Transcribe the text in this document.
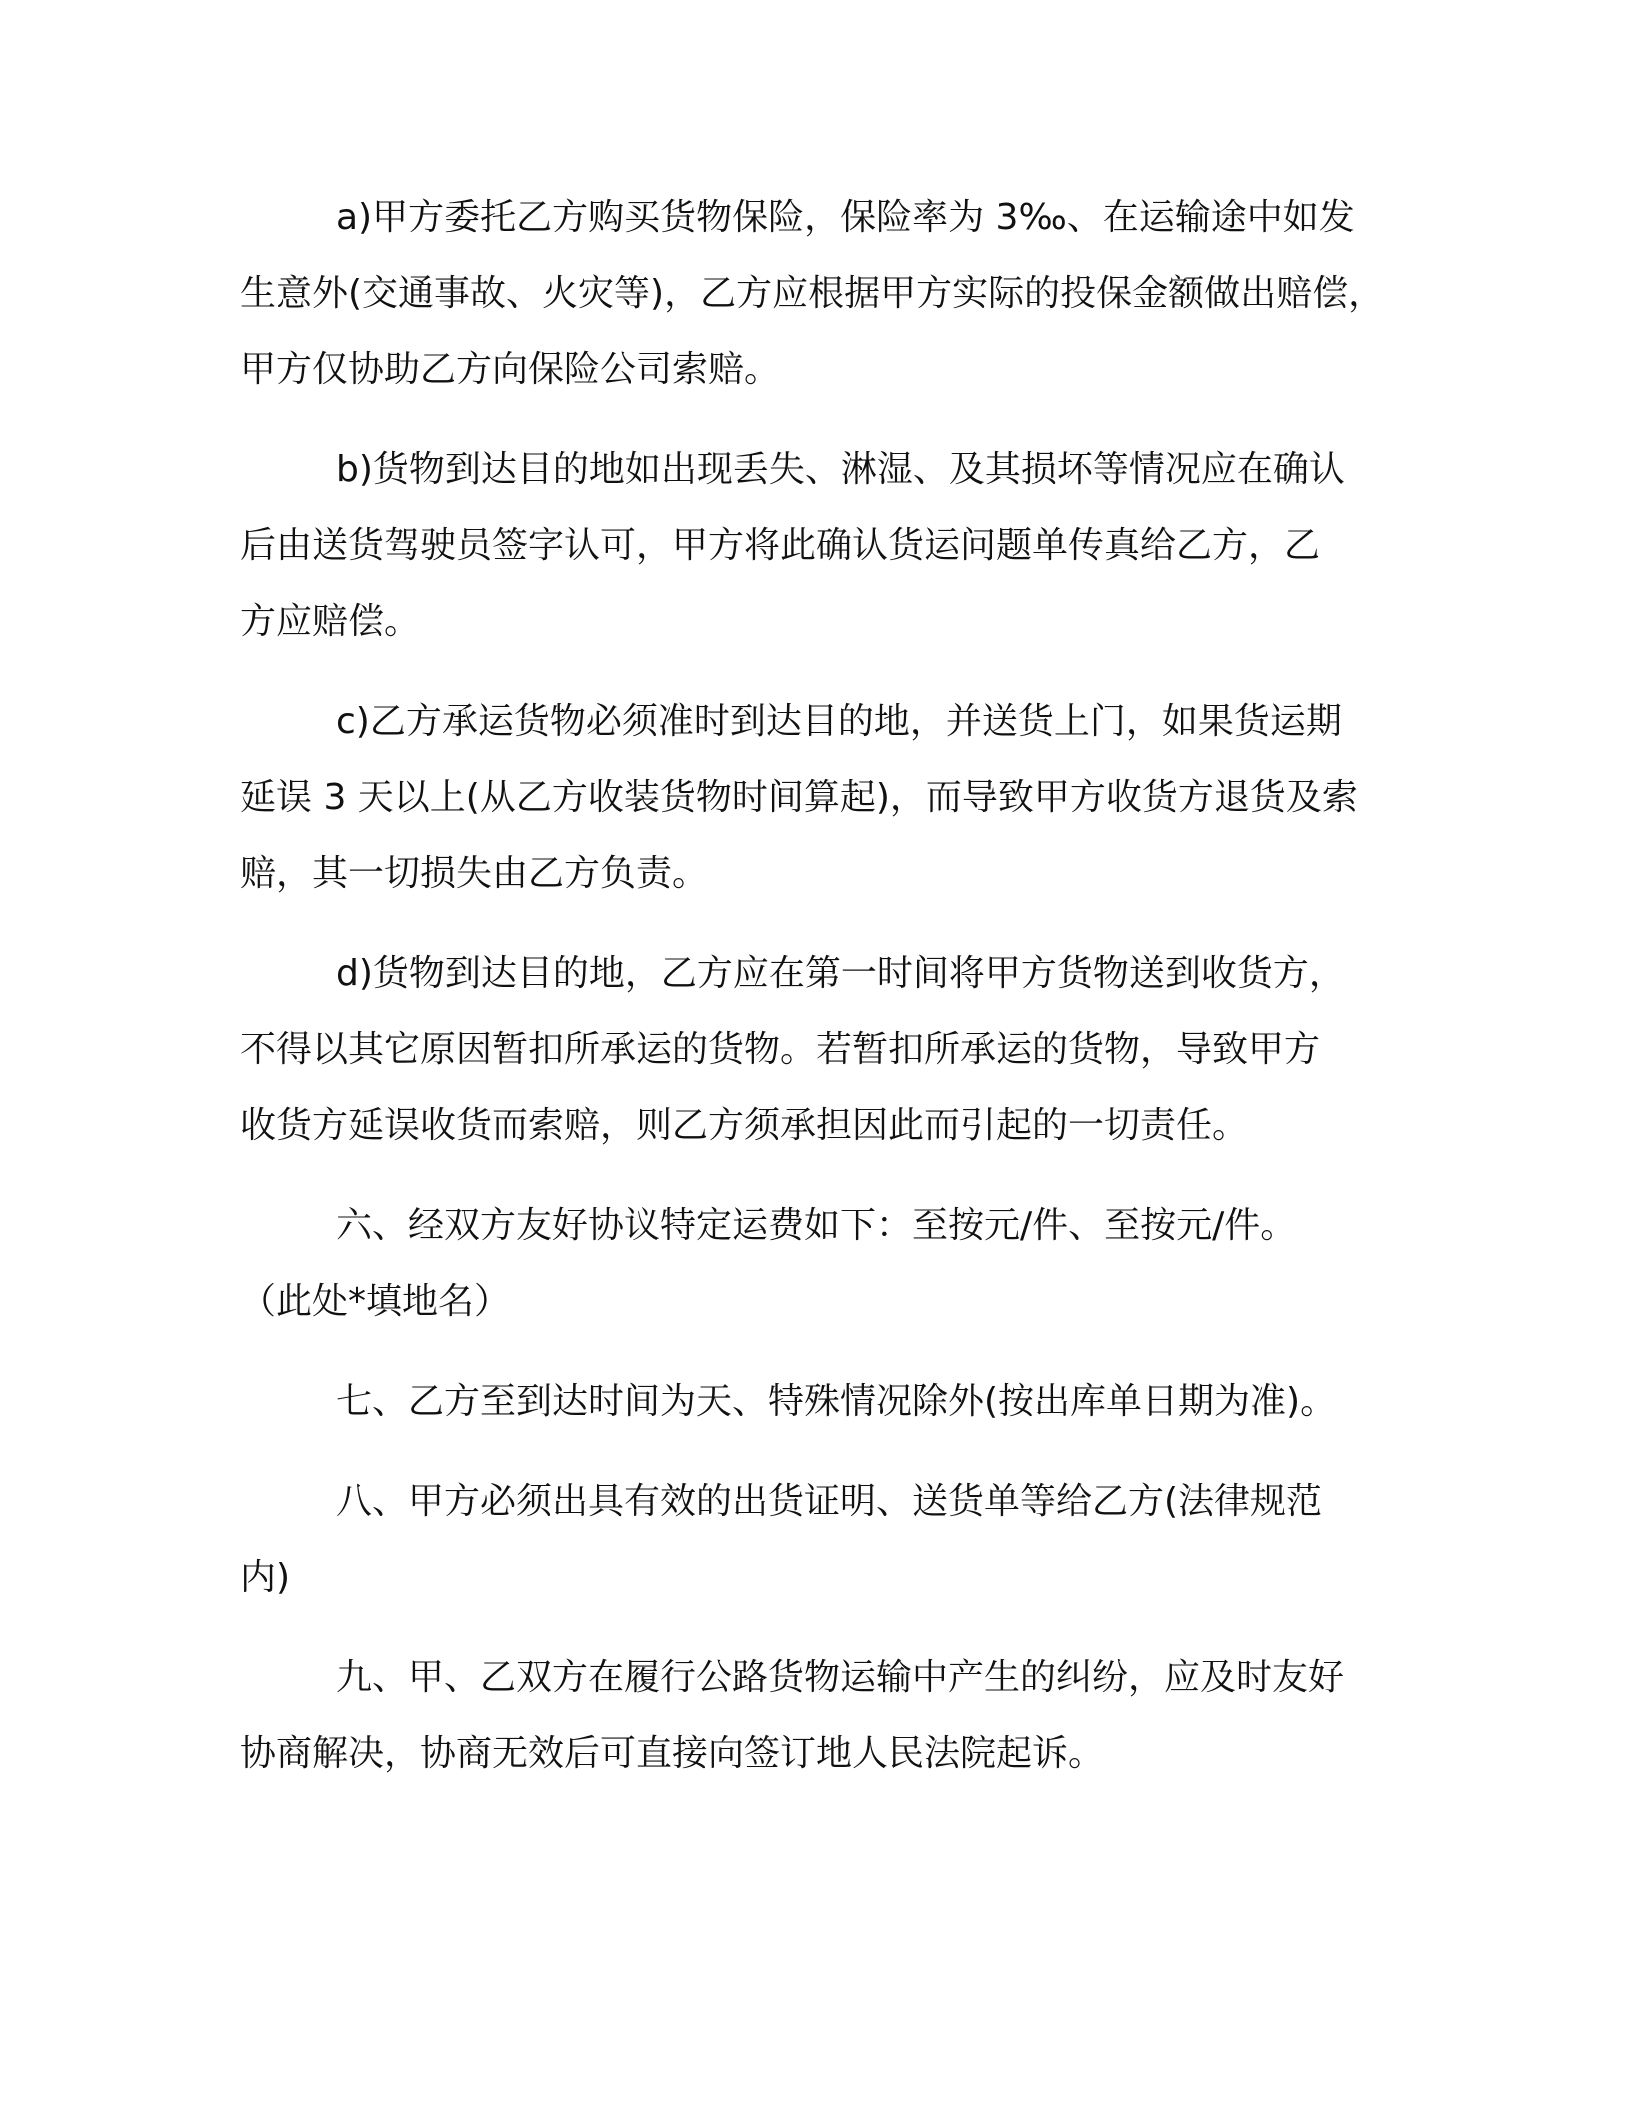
a)甲方委托乙方购买货物保险，保险率为 3‰、在运输途中如发
生意外(交通事故、火灾等)，乙方应根据甲方实际的投保金额做出赔偿，
甲方仅协助乙方向保险公司索赔。
b)货物到达目的地如出现丢失、淋湿、及其损坏等情况应在确认
后由送货驾驶员签字认可，甲方将此确认货运问题单传真给乙方，乙
方应赔偿。
c)乙方承运货物必须准时到达目的地，并送货上门，如果货运期
延误 3 天以上(从乙方收装货物时间算起)，而导致甲方收货方退货及索
赔，其一切损失由乙方负责。
d)货物到达目的地，乙方应在第一时间将甲方货物送到收货方，
不得以其它原因暂扣所承运的货物。若暂扣所承运的货物，导致甲方
收货方延误收货而索赔，则乙方须承担因此而引起的一切责任。
六、经双方友好协议特定运费如下：至按元/件、至按元/件。
（此处*填地名）
七、乙方至到达时间为天、特殊情况除外(按出库单日期为准)。
八、甲方必须出具有效的出货证明、送货单等给乙方(法律规范
内)
九、甲、乙双方在履行公路货物运输中产生的纠纷，应及时友好
协商解决，协商无效后可直接向签订地人民法院起诉。
